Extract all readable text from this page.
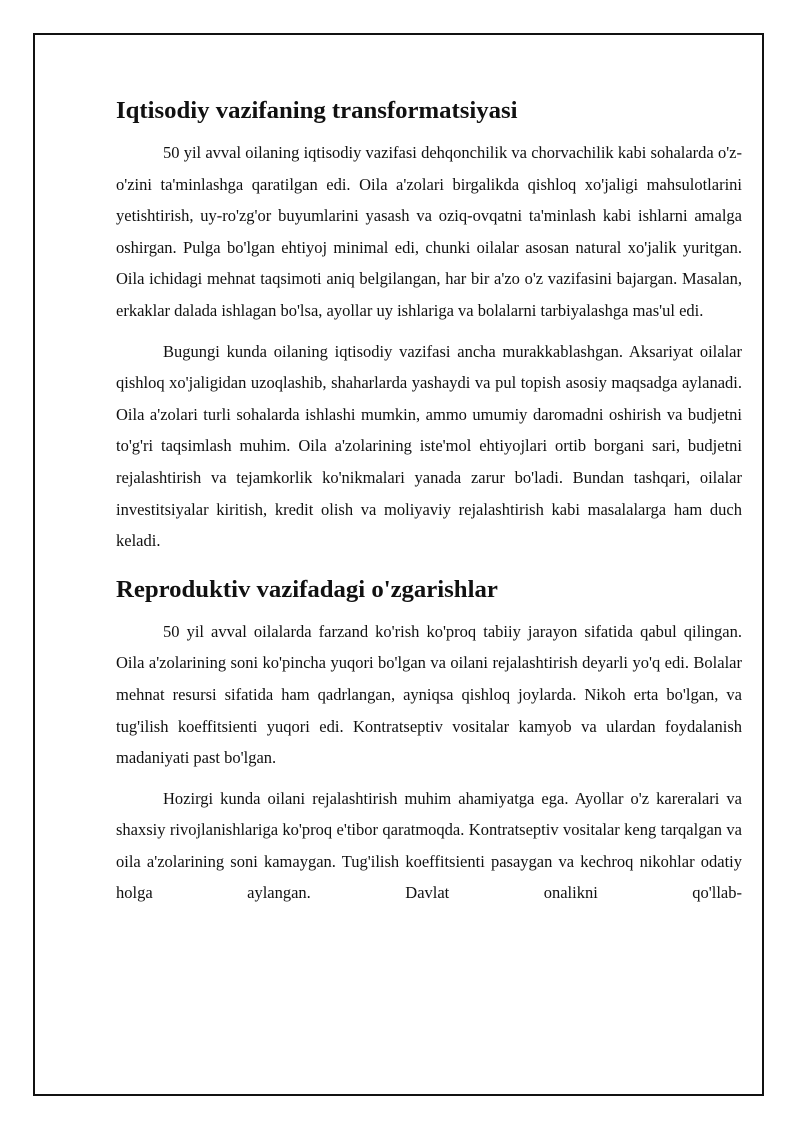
Iqtisodiy vazifaning transformatsiyasi

50 yil avval oilaning iqtisodiy vazifasi dehqonchilik va chorvachilik kabi sohalarda o'z-o'zini ta'minlashga qaratilgan edi. Oila a'zolari birgalikda qishloq xo'jaligi mahsulotlarini yetishtirish, uy-ro'zg'or buyumlarini yasash va oziq-ovqatni ta'minlash kabi ishlarni amalga oshirgan. Pulga bo'lgan ehtiyoj minimal edi, chunki oilalar asosan natural xo'jalik yuritgan. Oila ichidagi mehnat taqsimoti aniq belgilangan, har bir a'zo o'z vazifasini bajargan. Masalan, erkaklar dalada ishlagan bo'lsa, ayollar uy ishlariga va bolalarni tarbiyalashga mas'ul edi.

Bugungi kunda oilaning iqtisodiy vazifasi ancha murakkablashgan. Aksariyat oilalar qishloq xo'jaligidan uzoqlashib, shaharlarda yashaydi va pul topish asosiy maqsadga aylanadi. Oila a'zolari turli sohalarda ishlashi mumkin, ammo umumiy daromadni oshirish va budjetni to'g'ri taqsimlash muhim. Oila a'zolarining iste'mol ehtiyojlari ortib borgani sari, budjetni rejalashtirish va tejamkorlik ko'nikmalari yanada zarur bo'ladi. Bundan tashqari, oilalar investitsiyalar kiritish, kredit olish va moliyaviy rejalashtirish kabi masalalarga ham duch keladi.

Reproduktiv vazifadagi o'zgarishlar

50 yil avval oilalarda farzand ko'rish ko'proq tabiiy jarayon sifatida qabul qilingan. Oila a'zolarining soni ko'pincha yuqori bo'lgan va oilani rejalashtirish deyarli yo'q edi. Bolalar mehnat resursi sifatida ham qadrlangan, ayniqsa qishloq joylarda. Nikoh erta bo'lgan, va tug'ilish koeffitsienti yuqori edi. Kontratseptiv vositalar kamyob va ulardan foydalanish madaniyati past bo'lgan.

Hozirgi kunda oilani rejalashtirish muhim ahamiyatga ega. Ayollar o'z kareralari va shaxsiy rivojlanishlariga ko'proq e'tibor qaratmoqda. Kontratseptiv vositalar keng tarqalgan va oila a'zolarining soni kamaygan. Tug'ilish koeffitsienti pasaygan va kechroq nikohlar odatiy holga aylangan. Davlat onalikni qo'llab-
